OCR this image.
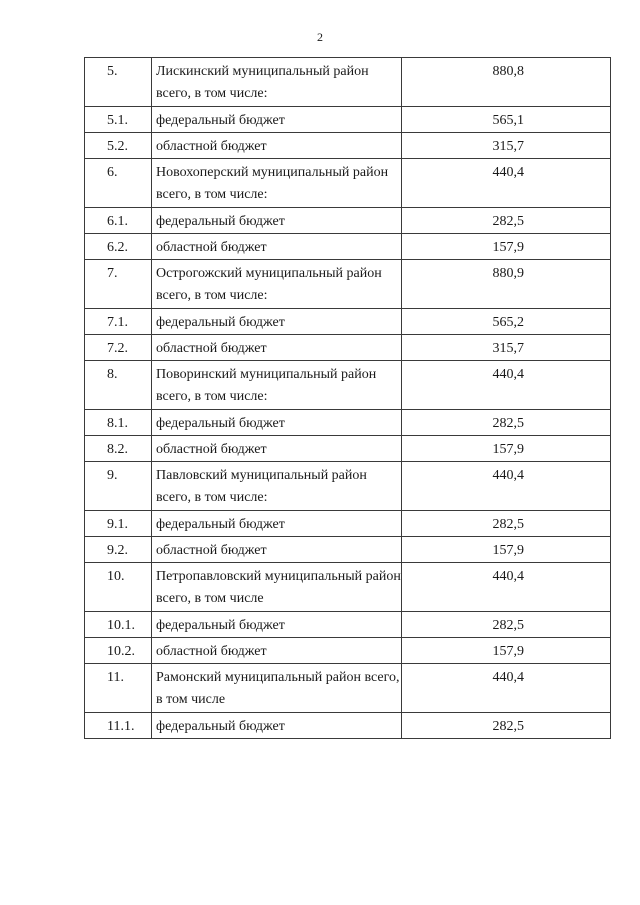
2
5.	Лискинский муниципальный район всего, в том числе:	880,8
5.1.	федеральный бюджет	565,1
5.2.	областной бюджет	315,7
6.	Новохоперский муниципальный район всего, в том числе:	440,4
6.1.	федеральный бюджет	282,5
6.2.	областной бюджет	157,9
7.	Острогожский муниципальный район всего, в том числе:	880,9
7.1.	федеральный бюджет	565,2
7.2.	областной бюджет	315,7
8.	Поворинский муниципальный район всего, в том числе:	440,4
8.1.	федеральный бюджет	282,5
8.2.	областной бюджет	157,9
9.	Павловский муниципальный район всего, в том числе:	440,4
9.1.	федеральный бюджет	282,5
9.2.	областной бюджет	157,9
10.	Петропавловский муниципальный район всего, в том числе	440,4
10.1.	федеральный бюджет	282,5
10.2.	областной бюджет	157,9
11.	Рамонский муниципальный район всего, в том числе	440,4
11.1.	федеральный бюджет	282,5
